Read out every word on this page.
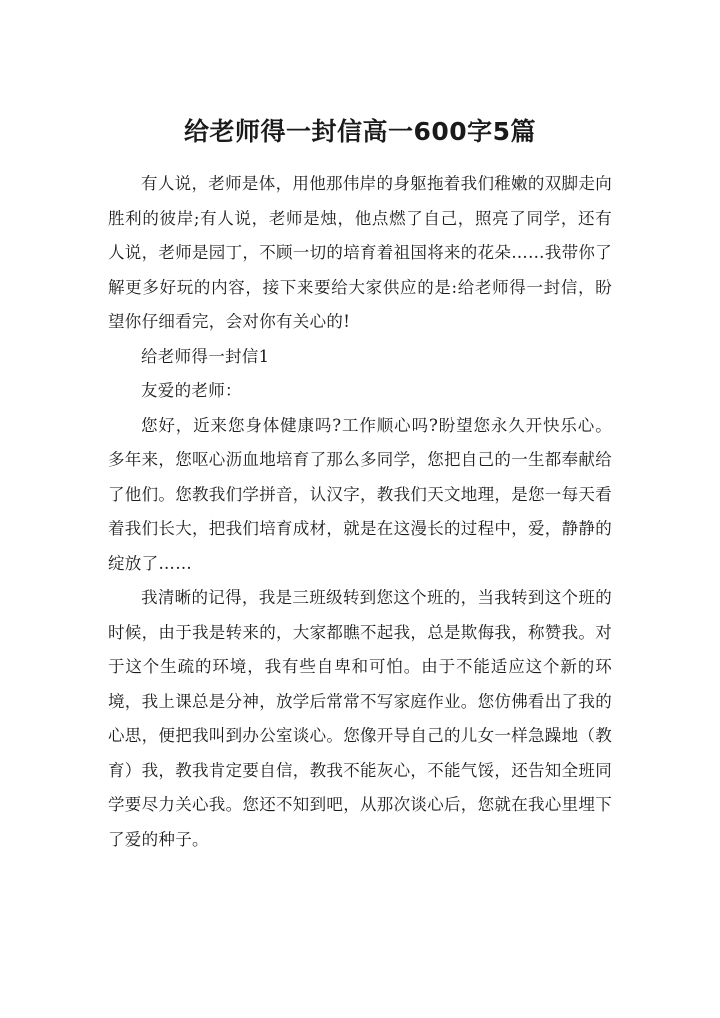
给老师得一封信高一600字5篇

有人说，老师是体，用他那伟岸的身躯拖着我们稚嫩的双脚走向胜利的彼岸;有人说，老师是烛，他点燃了自己，照亮了同学，还有人说，老师是园丁，不顾一切的培育着祖国将来的花朵……我带你了解更多好玩的内容，接下来要给大家供应的是:给老师得一封信，盼望你仔细看完，会对你有关心的!

给老师得一封信1

友爱的老师：

您好，近来您身体健康吗?工作顺心吗?盼望您永久开快乐心。多年来，您呕心沥血地培育了那么多同学，您把自己的一生都奉献给了他们。您教我们学拼音，认汉字，教我们天文地理，是您一每天看着我们长大，把我们培育成材，就是在这漫长的过程中，爱，静静的绽放了……

我清晰的记得，我是三班级转到您这个班的，当我转到这个班的时候，由于我是转来的，大家都瞧不起我，总是欺侮我，称赞我。对于这个生疏的环境，我有些自卑和可怕。由于不能适应这个新的环境，我上课总是分神，放学后常常不写家庭作业。您仿佛看出了我的心思，便把我叫到办公室谈心。您像开导自己的儿女一样急躁地（教育）我，教我肯定要自信，教我不能灰心，不能气馁，还告知全班同学要尽力关心我。您还不知到吧，从那次谈心后，您就在我心里埋下了爱的种子。
